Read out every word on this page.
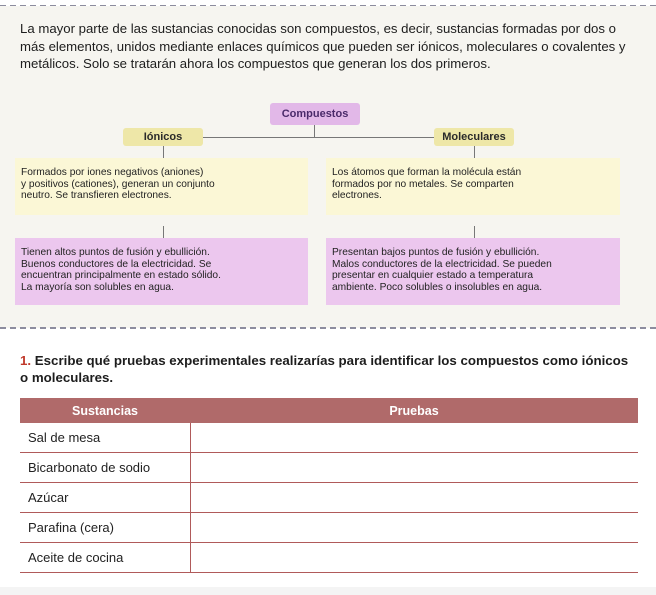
La mayor parte de las sustancias conocidas son compuestos, es decir, sustancias formadas por dos o más elementos, unidos mediante enlaces químicos que pueden ser iónicos, moleculares o covalentes y metálicos. Solo se tratarán ahora los compuestos que generan los dos primeros.
Compuestos
Iónicos	Moleculares
Formados por iones negativos (aniones)
y positivos (cationes), generan un conjunto
neutro. Se transfieren electrones.
Los átomos que forman la molécula están
formados por no metales. Se comparten
electrones.
Tienen altos puntos de fusión y ebullición.
Buenos conductores de la electricidad. Se
encuentran principalmente en estado sólido.
La mayoría son solubles en agua.
Presentan bajos puntos de fusión y ebullición.
Malos conductores de la electricidad. Se pueden
presentar en cualquier estado a temperatura
ambiente. Poco solubles o insolubles en agua.
1. Escribe qué pruebas experimentales realizarías para identificar los compuestos como iónicos o moleculares.
Sustancias	Pruebas
Sal de mesa	
Bicarbonato de sodio	
Azúcar	
Parafina (cera)	
Aceite de cocina	
